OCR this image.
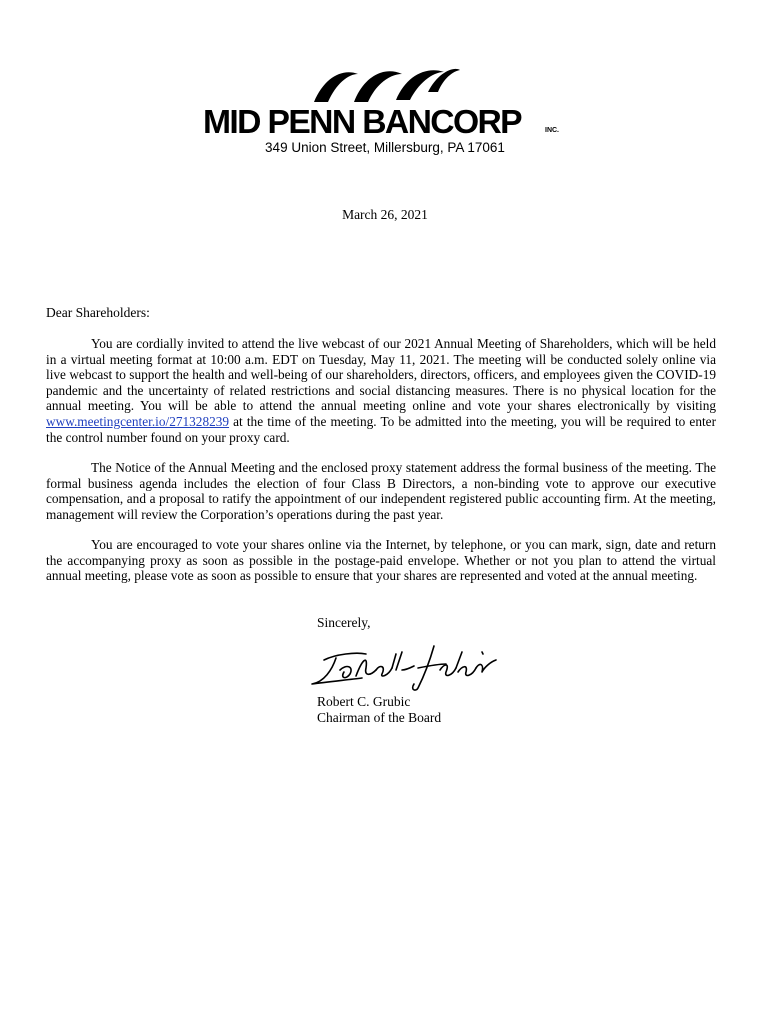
MID PENN BANCORP	INC.
349 Union Street, Millersburg, PA 17061
March 26, 2021
Dear Shareholders:
You are cordially invited to attend the live webcast of our 2021 Annual Meeting of Shareholders, which will be held in a virtual meeting format at 10:00 a.m. EDT on Tuesday, May 11, 2021. The meeting will be conducted solely online via live webcast to support the health and well-being of our shareholders, directors, officers, and employees given the COVID-19 pandemic and the uncertainty of related restrictions and social distancing measures. There is no physical location for the annual meeting. You will be able to attend the annual meeting online and vote your shares electronically by visiting www.meetingcenter.io/271328239 at the time of the meeting. To be admitted into the meeting, you will be required to enter the control number found on your proxy card.
The Notice of the Annual Meeting and the enclosed proxy statement address the formal business of the meeting. The formal business agenda includes the election of four Class B Directors, a non-binding vote to approve our executive compensation, and a proposal to ratify the appointment of our independent registered public accounting firm. At the meeting, management will review the Corporation’s operations during the past year.
You are encouraged to vote your shares online via the Internet, by telephone, or you can mark, sign, date and return the accompanying proxy as soon as possible in the postage-paid envelope. Whether or not you plan to attend the virtual annual meeting, please vote as soon as possible to ensure that your shares are represented and voted at the annual meeting.
Sincerely,
Robert C. Grubic
Chairman of the Board
